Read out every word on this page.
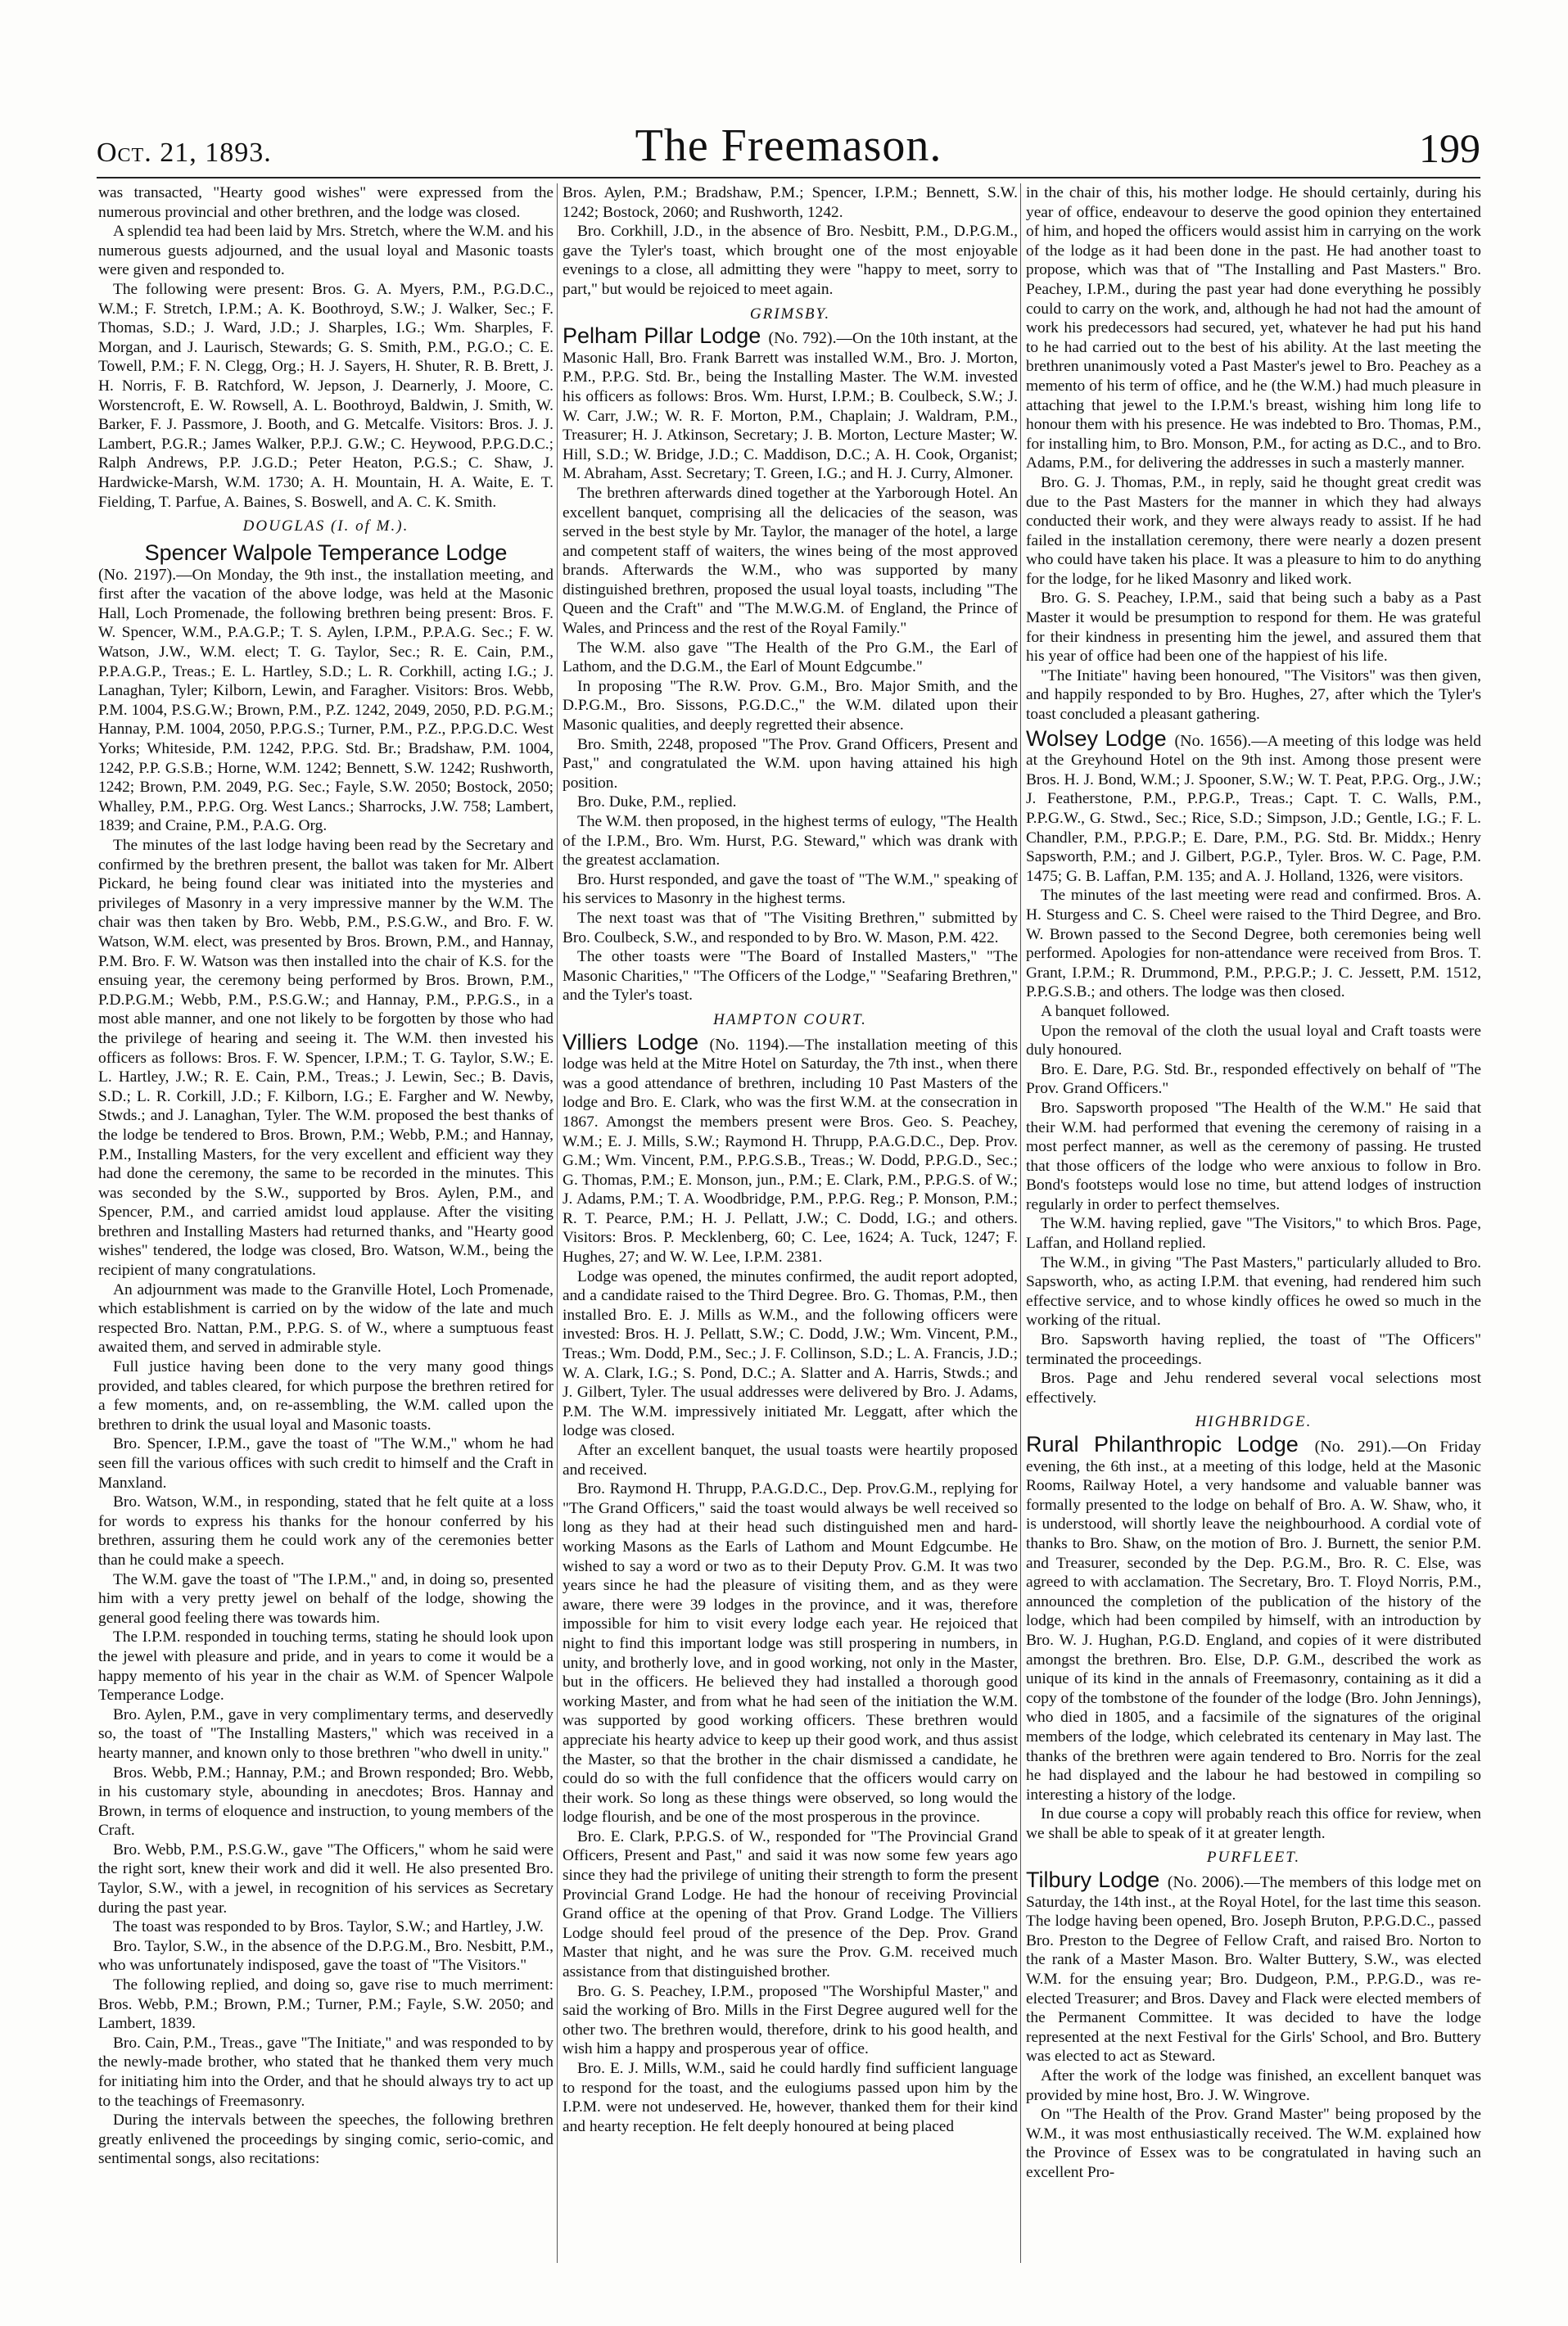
Oct. 21, 1893.	The Freemason.	199

was transacted, "Hearty good wishes" were expressed from the numerous provincial and other brethren, and the lodge was closed.

A splendid tea had been laid by Mrs. Stretch, where the W.M. and his numerous guests adjourned, and the usual loyal and Masonic toasts were given and responded to.

The following were present: Bros. G. A. Myers, P.M., P.G.D.C., W.M.; F. Stretch, I.P.M.; A. K. Boothroyd, S.W.; J. Walker, Sec.; F. Thomas, S.D.; J. Ward, J.D.; J. Sharples, I.G.; Wm. Sharples, F. Morgan, and J. Laurisch, Stewards; G. S. Smith, P.M., P.G.O.; C. E. Towell, P.M.; F. N. Clegg, Org.; H. J. Sayers, H. Shuter, R. B. Brett, J. H. Norris, F. B. Ratchford, W. Jepson, J. Dearnerly, J. Moore, C. Worstencroft, E. W. Rowsell, A. L. Boothroyd, Baldwin, J. Smith, W. Barker, F. J. Passmore, J. Booth, and G. Metcalfe. Visitors: Bros. J. J. Lambert, P.G.R.; James Walker, P.P.J. G.W.; C. Heywood, P.P.G.D.C.; Ralph Andrews, P.P. J.G.D.; Peter Heaton, P.G.S.; C. Shaw, J. Hardwicke-Marsh, W.M. 1730; A. H. Mountain, H. A. Waite, E. T. Fielding, T. Parfue, A. Baines, S. Boswell, and A. C. K. Smith.

DOUGLAS (I. of M.).
Spencer Walpole Temperance Lodge

(No. 2197).—On Monday, the 9th inst., the installation meeting, and first after the vacation of the above lodge, was held at the Masonic Hall, Loch Promenade, the following brethren being present: Bros. F. W. Spencer, W.M., P.A.G.P.; T. S. Aylen, I.P.M., P.P.A.G. Sec.; F. W. Watson, J.W., W.M. elect; T. G. Taylor, Sec.; R. E. Cain, P.M., P.P.A.G.P., Treas.; E. L. Hartley, S.D.; L. R. Corkhill, acting I.G.; J. Lanaghan, Tyler; Kilborn, Lewin, and Faragher. Visitors: Bros. Webb, P.M. 1004, P.S.G.W.; Brown, P.M., P.Z. 1242, 2049, 2050, P.D. P.G.M.; Hannay, P.M. 1004, 2050, P.P.G.S.; Turner, P.M., P.Z., P.P.G.D.C. West Yorks; Whiteside, P.M. 1242, P.P.G. Std. Br.; Bradshaw, P.M. 1004, 1242, P.P. G.S.B.; Horne, W.M. 1242; Bennett, S.W. 1242; Rushworth, 1242; Brown, P.M. 2049, P.G. Sec.; Fayle, S.W. 2050; Bostock, 2050; Whalley, P.M., P.P.G. Org. West Lancs.; Sharrocks, J.W. 758; Lambert, 1839; and Craine, P.M., P.A.G. Org.

The minutes of the last lodge having been read by the Secretary and confirmed by the brethren present, the ballot was taken for Mr. Albert Pickard, he being found clear was initiated into the mysteries and privileges of Masonry in a very impressive manner by the W.M. The chair was then taken by Bro. Webb, P.M., P.S.G.W., and Bro. F. W. Watson, W.M. elect, was presented by Bros. Brown, P.M., and Hannay, P.M. Bro. F. W. Watson was then installed into the chair of K.S. for the ensuing year, the ceremony being performed by Bros. Brown, P.M., P.D.P.G.M.; Webb, P.M., P.S.G.W.; and Hannay, P.M., P.P.G.S., in a most able manner, and one not likely to be forgotten by those who had the privilege of hearing and seeing it. The W.M. then invested his officers as follows: Bros. F. W. Spencer, I.P.M.; T. G. Taylor, S.W.; E. L. Hartley, J.W.; R. E. Cain, P.M., Treas.; J. Lewin, Sec.; B. Davis, S.D.; L. R. Corkill, J.D.; F. Kilborn, I.G.; E. Fargher and W. Newby, Stwds.; and J. Lanaghan, Tyler. The W.M. proposed the best thanks of the lodge be tendered to Bros. Brown, P.M.; Webb, P.M.; and Hannay, P.M., Installing Masters, for the very excellent and efficient way they had done the ceremony, the same to be recorded in the minutes. This was seconded by the S.W., supported by Bros. Aylen, P.M., and Spencer, P.M., and carried amidst loud applause. After the visiting brethren and Installing Masters had returned thanks, and "Hearty good wishes" tendered, the lodge was closed, Bro. Watson, W.M., being the recipient of many congratulations.

An adjournment was made to the Granville Hotel, Loch Promenade, which establishment is carried on by the widow of the late and much respected Bro. Nattan, P.M., P.P.G. S. of W., where a sumptuous feast awaited them, and served in admirable style.

Full justice having been done to the very many good things provided, and tables cleared, for which purpose the brethren retired for a few moments, and, on re-assembling, the W.M. called upon the brethren to drink the usual loyal and Masonic toasts.

Bro. Spencer, I.P.M., gave the toast of "The W.M.," whom he had seen fill the various offices with such credit to himself and the Craft in Manxland.

Bro. Watson, W.M., in responding, stated that he felt quite at a loss for words to express his thanks for the honour conferred by his brethren, assuring them he could work any of the ceremonies better than he could make a speech.

The W.M. gave the toast of "The I.P.M.," and, in doing so, presented him with a very pretty jewel on behalf of the lodge, showing the general good feeling there was towards him.

The I.P.M. responded in touching terms, stating he should look upon the jewel with pleasure and pride, and in years to come it would be a happy memento of his year in the chair as W.M. of Spencer Walpole Temperance Lodge.

Bro. Aylen, P.M., gave in very complimentary terms, and deservedly so, the toast of "The Installing Masters," which was received in a hearty manner, and known only to those brethren "who dwell in unity."

Bros. Webb, P.M.; Hannay, P.M.; and Brown responded; Bro. Webb, in his customary style, abounding in anecdotes; Bros. Hannay and Brown, in terms of eloquence and instruction, to young members of the Craft.

Bro. Webb, P.M., P.S.G.W., gave "The Officers," whom he said were the right sort, knew their work and did it well. He also presented Bro. Taylor, S.W., with a jewel, in recognition of his services as Secretary during the past year.

The toast was responded to by Bros. Taylor, S.W.; and Hartley, J.W.

Bro. Taylor, S.W., in the absence of the D.P.G.M., Bro. Nesbitt, P.M., who was unfortunately indisposed, gave the toast of "The Visitors."

The following replied, and doing so, gave rise to much merriment: Bros. Webb, P.M.; Brown, P.M.; Turner, P.M.; Fayle, S.W. 2050; and Lambert, 1839.

Bro. Cain, P.M., Treas., gave "The Initiate," and was responded to by the newly-made brother, who stated that he thanked them very much for initiating him into the Order, and that he should always try to act up to the teachings of Freemasonry.

During the intervals between the speeches, the following brethren greatly enlivened the proceedings by singing comic, serio-comic, and sentimental songs, also recitations:

Bros. Aylen, P.M.; Bradshaw, P.M.; Spencer, I.P.M.; Bennett, S.W. 1242; Bostock, 2060; and Rushworth, 1242.

Bro. Corkhill, J.D., in the absence of Bro. Nesbitt, P.M., D.P.G.M., gave the Tyler's toast, which brought one of the most enjoyable evenings to a close, all admitting they were "happy to meet, sorry to part," but would be rejoiced to meet again.

GRIMSBY.

Pelham Pillar Lodge (No. 792).—On the 10th instant, at the Masonic Hall, Bro. Frank Barrett was installed W.M., Bro. J. Morton, P.M., P.P.G. Std. Br., being the Installing Master. The W.M. invested his officers as follows: Bros. Wm. Hurst, I.P.M.; B. Coulbeck, S.W.; J. W. Carr, J.W.; W. R. F. Morton, P.M., Chaplain; J. Waldram, P.M., Treasurer; H. J. Atkinson, Secretary; J. B. Morton, Lecture Master; W. Hill, S.D.; W. Bridge, J.D.; C. Maddison, D.C.; A. H. Cook, Organist; M. Abraham, Asst. Secretary; T. Green, I.G.; and H. J. Curry, Almoner.

The brethren afterwards dined together at the Yarborough Hotel. An excellent banquet, comprising all the delicacies of the season, was served in the best style by Mr. Taylor, the manager of the hotel, a large and competent staff of waiters, the wines being of the most approved brands. Afterwards the W.M., who was supported by many distinguished brethren, proposed the usual loyal toasts, including "The Queen and the Craft" and "The M.W.G.M. of England, the Prince of Wales, and Princess and the rest of the Royal Family."

The W.M. also gave "The Health of the Pro G.M., the Earl of Lathom, and the D.G.M., the Earl of Mount Edgcumbe."

In proposing "The R.W. Prov. G.M., Bro. Major Smith, and the D.P.G.M., Bro. Sissons, P.G.D.C.," the W.M. dilated upon their Masonic qualities, and deeply regretted their absence.

Bro. Smith, 2248, proposed "The Prov. Grand Officers, Present and Past," and congratulated the W.M. upon having attained his high position.

Bro. Duke, P.M., replied.

The W.M. then proposed, in the highest terms of eulogy, "The Health of the I.P.M., Bro. Wm. Hurst, P.G. Steward," which was drank with the greatest acclamation.

Bro. Hurst responded, and gave the toast of "The W.M.," speaking of his services to Masonry in the highest terms.

The next toast was that of "The Visiting Brethren," submitted by Bro. Coulbeck, S.W., and responded to by Bro. W. Mason, P.M. 422.

The other toasts were "The Board of Installed Masters," "The Masonic Charities," "The Officers of the Lodge," "Seafaring Brethren," and the Tyler's toast.

HAMPTON COURT.

Villiers Lodge (No. 1194).—The installation meeting of this lodge was held at the Mitre Hotel on Saturday, the 7th inst., when there was a good attendance of brethren, including 10 Past Masters of the lodge and Bro. E. Clark, who was the first W.M. at the consecration in 1867. Amongst the members present were Bros. Geo. S. Peachey, W.M.; E. J. Mills, S.W.; Raymond H. Thrupp, P.A.G.D.C., Dep. Prov. G.M.; Wm. Vincent, P.M., P.P.G.S.B., Treas.; W. Dodd, P.P.G.D., Sec.; G. Thomas, P.M.; E. Monson, jun., P.M.; E. Clark, P.M., P.P.G.S. of W.; J. Adams, P.M.; T. A. Woodbridge, P.M., P.P.G. Reg.; P. Monson, P.M.; R. T. Pearce, P.M.; H. J. Pellatt, J.W.; C. Dodd, I.G.; and others. Visitors: Bros. P. Mecklenberg, 60; C. Lee, 1624; A. Tuck, 1247; F. Hughes, 27; and W. W. Lee, I.P.M. 2381.

Lodge was opened, the minutes confirmed, the audit report adopted, and a candidate raised to the Third Degree. Bro. G. Thomas, P.M., then installed Bro. E. J. Mills as W.M., and the following officers were invested: Bros. H. J. Pellatt, S.W.; C. Dodd, J.W.; Wm. Vincent, P.M., Treas.; Wm. Dodd, P.M., Sec.; J. F. Collinson, S.D.; L. A. Francis, J.D.; W. A. Clark, I.G.; S. Pond, D.C.; A. Slatter and A. Harris, Stwds.; and J. Gilbert, Tyler. The usual addresses were delivered by Bro. J. Adams, P.M. The W.M. impressively initiated Mr. Leggatt, after which the lodge was closed.

After an excellent banquet, the usual toasts were heartily proposed and received.

Bro. Raymond H. Thrupp, P.A.G.D.C., Dep. Prov.G.M., replying for "The Grand Officers," said the toast would always be well received so long as they had at their head such distinguished men and hard-working Masons as the Earls of Lathom and Mount Edgcumbe. He wished to say a word or two as to their Deputy Prov. G.M. It was two years since he had the pleasure of visiting them, and as they were aware, there were 39 lodges in the province, and it was, therefore impossible for him to visit every lodge each year. He rejoiced that night to find this important lodge was still prospering in numbers, in unity, and brotherly love, and in good working, not only in the Master, but in the officers. He believed they had installed a thorough good working Master, and from what he had seen of the initiation the W.M. was supported by good working officers. These brethren would appreciate his hearty advice to keep up their good work, and thus assist the Master, so that the brother in the chair dismissed a candidate, he could do so with the full confidence that the officers would carry on their work. So long as these things were observed, so long would the lodge flourish, and be one of the most prosperous in the province.

Bro. E. Clark, P.P.G.S. of W., responded for "The Provincial Grand Officers, Present and Past," and said it was now some few years ago since they had the privilege of uniting their strength to form the present Provincial Grand Lodge. He had the honour of receiving Provincial Grand office at the opening of that Prov. Grand Lodge. The Villiers Lodge should feel proud of the presence of the Dep. Prov. Grand Master that night, and he was sure the Prov. G.M. received much assistance from that distinguished brother.

Bro. G. S. Peachey, I.P.M., proposed "The Worshipful Master," and said the working of Bro. Mills in the First Degree augured well for the other two. The brethren would, therefore, drink to his good health, and wish him a happy and prosperous year of office.

Bro. E. J. Mills, W.M., said he could hardly find sufficient language to respond for the toast, and the eulogiums passed upon him by the I.P.M. were not undeserved. He, however, thanked them for their kind and hearty reception. He felt deeply honoured at being placed

in the chair of this, his mother lodge. He should certainly, during his year of office, endeavour to deserve the good opinion they entertained of him, and hoped the officers would assist him in carrying on the work of the lodge as it had been done in the past. He had another toast to propose, which was that of "The Installing and Past Masters." Bro. Peachey, I.P.M., during the past year had done everything he possibly could to carry on the work, and, although he had not had the amount of work his predecessors had secured, yet, whatever he had put his hand to he had carried out to the best of his ability. At the last meeting the brethren unanimously voted a Past Master's jewel to Bro. Peachey as a memento of his term of office, and he (the W.M.) had much pleasure in attaching that jewel to the I.P.M.'s breast, wishing him long life to honour them with his presence. He was indebted to Bro. Thomas, P.M., for installing him, to Bro. Monson, P.M., for acting as D.C., and to Bro. Adams, P.M., for delivering the addresses in such a masterly manner.

Bro. G. J. Thomas, P.M., in reply, said he thought great credit was due to the Past Masters for the manner in which they had always conducted their work, and they were always ready to assist. If he had failed in the installation ceremony, there were nearly a dozen present who could have taken his place. It was a pleasure to him to do anything for the lodge, for he liked Masonry and liked work.

Bro. G. S. Peachey, I.P.M., said that being such a baby as a Past Master it would be presumption to respond for them. He was grateful for their kindness in presenting him the jewel, and assured them that his year of office had been one of the happiest of his life.

"The Initiate" having been honoured, "The Visitors" was then given, and happily responded to by Bro. Hughes, 27, after which the Tyler's toast concluded a pleasant gathering.

Wolsey Lodge (No. 1656).—A meeting of this lodge was held at the Greyhound Hotel on the 9th inst. Among those present were Bros. H. J. Bond, W.M.; J. Spooner, S.W.; W. T. Peat, P.P.G. Org., J.W.; J. Featherstone, P.M., P.P.G.P., Treas.; Capt. T. C. Walls, P.M., P.P.G.W., G. Stwd., Sec.; Rice, S.D.; Simpson, J.D.; Gentle, I.G.; F. L. Chandler, P.M., P.P.G.P.; E. Dare, P.M., P.G. Std. Br. Middx.; Henry Sapsworth, P.M.; and J. Gilbert, P.G.P., Tyler. Bros. W. C. Page, P.M. 1475; G. B. Laffan, P.M. 135; and A. J. Holland, 1326, were visitors.

The minutes of the last meeting were read and confirmed. Bros. A. H. Sturgess and C. S. Cheel were raised to the Third Degree, and Bro. W. Brown passed to the Second Degree, both ceremonies being well performed. Apologies for non-attendance were received from Bros. T. Grant, I.P.M.; R. Drummond, P.M., P.P.G.P.; J. C. Jessett, P.M. 1512, P.P.G.S.B.; and others. The lodge was then closed.

A banquet followed.

Upon the removal of the cloth the usual loyal and Craft toasts were duly honoured.

Bro. E. Dare, P.G. Std. Br., responded effectively on behalf of "The Prov. Grand Officers."

Bro. Sapsworth proposed "The Health of the W.M." He said that their W.M. had performed that evening the ceremony of raising in a most perfect manner, as well as the ceremony of passing. He trusted that those officers of the lodge who were anxious to follow in Bro. Bond's footsteps would lose no time, but attend lodges of instruction regularly in order to perfect themselves.

The W.M. having replied, gave "The Visitors," to which Bros. Page, Laffan, and Holland replied.

The W.M., in giving "The Past Masters," particularly alluded to Bro. Sapsworth, who, as acting I.P.M. that evening, had rendered him such effective service, and to whose kindly offices he owed so much in the working of the ritual.

Bro. Sapsworth having replied, the toast of "The Officers" terminated the proceedings.

Bros. Page and Jehu rendered several vocal selections most effectively.

HIGHBRIDGE.

Rural Philanthropic Lodge (No. 291).—On Friday evening, the 6th inst., at a meeting of this lodge, held at the Masonic Rooms, Railway Hotel, a very handsome and valuable banner was formally presented to the lodge on behalf of Bro. A. W. Shaw, who, it is understood, will shortly leave the neighbourhood. A cordial vote of thanks to Bro. Shaw, on the motion of Bro. J. Burnett, the senior P.M. and Treasurer, seconded by the Dep. P.G.M., Bro. R. C. Else, was agreed to with acclamation. The Secretary, Bro. T. Floyd Norris, P.M., announced the completion of the publication of the history of the lodge, which had been compiled by himself, with an introduction by Bro. W. J. Hughan, P.G.D. England, and copies of it were distributed amongst the brethren. Bro. Else, D.P. G.M., described the work as unique of its kind in the annals of Freemasonry, containing as it did a copy of the tombstone of the founder of the lodge (Bro. John Jennings), who died in 1805, and a facsimile of the signatures of the original members of the lodge, which celebrated its centenary in May last. The thanks of the brethren were again tendered to Bro. Norris for the zeal he had displayed and the labour he had bestowed in compiling so interesting a history of the lodge.

In due course a copy will probably reach this office for review, when we shall be able to speak of it at greater length.

PURFLEET.

Tilbury Lodge (No. 2006).—The members of this lodge met on Saturday, the 14th inst., at the Royal Hotel, for the last time this season. The lodge having been opened, Bro. Joseph Bruton, P.P.G.D.C., passed Bro. Preston to the Degree of Fellow Craft, and raised Bro. Norton to the rank of a Master Mason. Bro. Walter Buttery, S.W., was elected W.M. for the ensuing year; Bro. Dudgeon, P.M., P.P.G.D., was re-elected Treasurer; and Bros. Davey and Flack were elected members of the Permanent Committee. It was decided to have the lodge represented at the next Festival for the Girls' School, and Bro. Buttery was elected to act as Steward.

After the work of the lodge was finished, an excellent banquet was provided by mine host, Bro. J. W. Wingrove.

On "The Health of the Prov. Grand Master" being proposed by the W.M., it was most enthusiastically received. The W.M. explained how the Province of Essex was to be congratulated in having such an excellent Pro-
